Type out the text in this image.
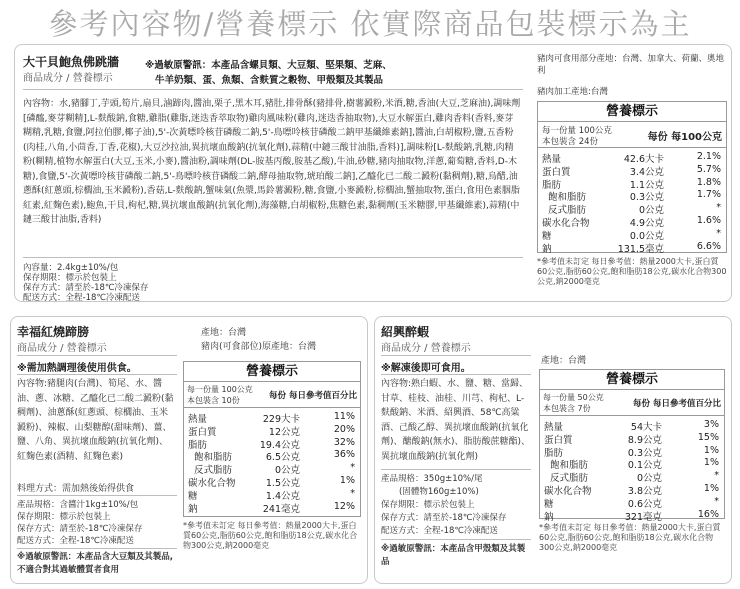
參考內容物/營養標示 依實際商品包裝標示為主
大干貝鮑魚佛跳牆
商品成分 / 營養標示
※過敏原警訊：本產品含螺貝類、大豆類、堅果類、芝麻、
牛羊奶類、蛋、魚類、含麩質之穀物、甲殼類及其製品
豬肉可食用部分產地：台灣、加拿大、荷蘭、奧地利
豬肉加工產地:台灣
內容物：水,豬腳丁,芋頭,筍片,扇貝,滷蹄肉,醬油,栗子,黑木耳,豬肚,排骨酥(豬排骨,樹薯澱粉,米酒,糖,香油(大豆,芝麻油),調味劑[磷醯,麥芽糊精],L-麩酸鈉,食糖,雞脂(雞脂,迷迭香萃取物)雞肉風味粉(雞肉,迷迭香抽取物),大豆水解蛋白,雞肉香料(香料,麥芽糊精,乳糖,食鹽,阿拉伯膠,椰子油),5'-次黃嘌呤核苷磷酸二鈉,5'-鳥嘌呤核苷磷酸二鈉甲基纖維素鈉],醬油,白胡椒粉,鹽,五香粉(肉桂,八角,小茴香,丁香,花椒),大豆沙拉油,異抗壞血酸鈉(抗氧化劑),蒜精(中鏈三酸甘油脂,香料)],調味粉[L-麩酸鈉,乳糖,肉精粉(糊精,植物水解蛋白(大豆,玉米,小麥),醬油粉,調味劑(DL-胺基丙酸,胺基乙酸),牛油,砂糖,豬肉抽取物,洋蔥,葡萄糖,香料,D-木糖),食鹽,5'-次黃嘌呤核苷磷酸二鈉,5'-鳥嘌呤核苷磷酸二鈉,酵母抽取物,琥珀酸二鈉],乙醯化已二酸二澱粉(黏稠劑),糖,烏醋,油蔥酥(紅蔥頭,棕櫚油,玉米澱粉),香菇,L-麩酸鈉,蟹味氣(魚漿,馬鈴薯澱粉,糖,食鹽,小麥澱粉,棕櫚油,蟹抽取物,蛋白,食用色素胭脂紅素,紅麴色素),鮑魚,干貝,枸杞,糖,異抗壞血酸鈉(抗氧化劑),海藻糖,白胡椒粉,焦糖色素,黏稠劑(玉米糖膠,甲基纖維素),蒜精(中鏈三酸甘油脂,香料)
內容量：2.4kg±10%/包
保存期限：標示於包裝上
保存方式：請至於-18℃冷凍保存
配送方式：全程-18℃冷凍配送
營養標示
每一份量 100公克
本包裝含 24份	每份 每100公克
熱量	42.6大卡	2.1%
蛋白質	3.4公克	5.7%
脂肪	1.1公克	1.8%
飽和脂肪	0.3公克	1.7%
反式脂肪	0公克	*
碳水化合物	4.9公克	1.6%
糖	0.0公克	*
鈉	131.5毫克	6.6%
*參考值未訂定 每日參考值：熱量2000大卡,蛋白質60公克,脂肪60公克,飽和脂肪18公克,碳水化合物300公克,鈉2000毫克
幸福紅燒蹄膀
商品成分 / 營養標示
產地：台灣
豬肉(可食部位)原產地：台灣
※需加熱調理後使用供食。
內容物:豬腿肉(台灣)、筍尾、水、醬油、蔥、冰糖、乙醯化已二酸二澱粉(黏稠劑)、油蔥酥(紅蔥頭、棕櫚油、玉米澱粉)、辣椒、山梨糖醇(甜味劑)、薑、鹽、八角、異抗壞血酸鈉(抗氧化劑)、紅麴色素(酒精、紅麴色素)
料理方式：需加熱後始得供食
產品規格：含醬汁1kg±10%/包
保存期限：標示於包裝上
保存方式：請至於-18℃冷凍保存
配送方式：全程-18℃冷凍配送
※過敏原警訊：本產品含大豆類及其製品,不適合對其過敏體質者食用
營養標示
每一份量 100公克
本包裝含 10份	每份 每日參考值百分比
熱量	229大卡	11%
蛋白質	12公克	20%
脂肪	19.4公克	32%
飽和脂肪	6.5公克	36%
反式脂肪	0公克	*
碳水化合物	1.5公克	1%
糖	1.4公克	*
鈉	241毫克	12%
*參考值未訂定 每日參考值：熱量2000大卡,蛋白質60公克,脂肪60公克,飽和脂肪18公克,碳水化合物300公克,鈉2000毫克
紹興醉蝦
商品成分 / 營養標示
產地：台灣
※解凍後即可食用。
內容物:熟白蝦、水、鹽、糖、當歸、甘草、桂枝、油桂、川芎、枸杞、L-麩酸鈉、米酒、紹興酒、58℃高粱酒、己酸乙醇、異抗壞血酸鈉(抗氧化劑)、醣酸鈉(無水)、脂肪酸蔗糖酯)、異抗壞血酸鈉(抗氧化劑)
產品規格：350g±10%/尾
(固體物160g±10%)
保存期限：標示於包裝上
保存方式：請至於-18℃冷凍保存
配送方式：全程-18℃冷凍配送
※過敏原警訊：本產品含甲殼類及其製品
營養標示
每一份量 50公克
本包裝含 7份	每份 每日參考值百分比
熱量	54大卡	3%
蛋白質	8.9公克	15%
脂肪	0.3公克	1%
飽和脂肪	0.1公克	1%
反式脂肪	0公克	*
碳水化合物	3.8公克	1%
糖	0.6公克	*
鈉	321毫克	16%
*參考值未訂定 每日參考值：熱量2000大卡,蛋白質60公克,脂肪60公克,飽和脂肪18公克,碳水化合物300公克,鈉2000毫克
